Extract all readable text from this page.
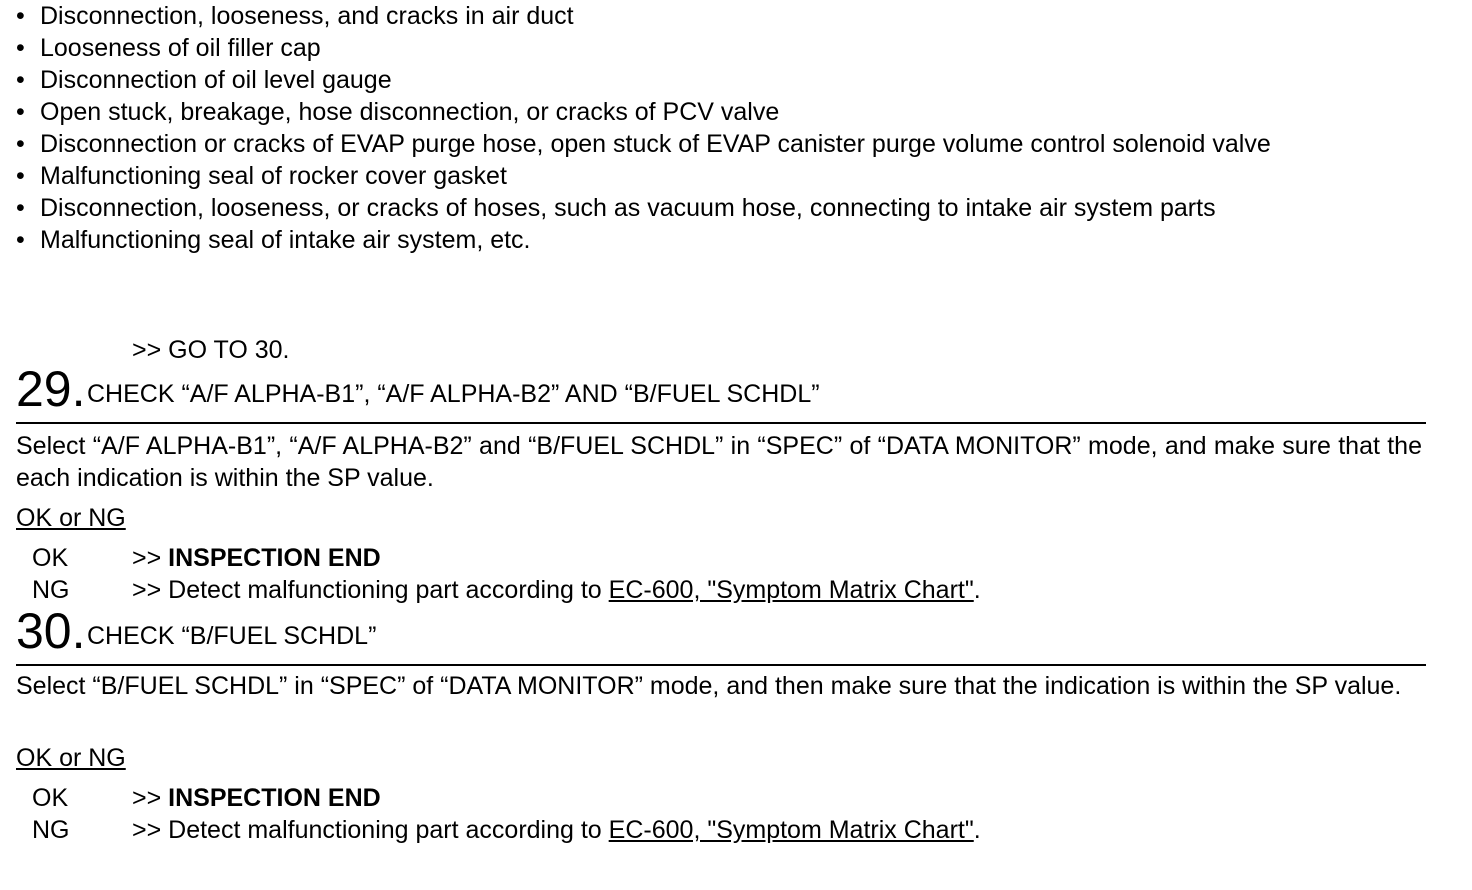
• Disconnection, looseness, and cracks in air duct
• Looseness of oil filler cap
• Disconnection of oil level gauge
• Open stuck, breakage, hose disconnection, or cracks of PCV valve
• Disconnection or cracks of EVAP purge hose, open stuck of EVAP canister purge volume control solenoid valve
• Malfunctioning seal of rocker cover gasket
• Disconnection, looseness, or cracks of hoses, such as vacuum hose, connecting to intake air system parts
• Malfunctioning seal of intake air system, etc.
>> GO TO 30.
29. CHECK “A/F ALPHA-B1”, “A/F ALPHA-B2” AND “B/FUEL SCHDL”
Select “A/F ALPHA-B1”, “A/F ALPHA-B2” and “B/FUEL SCHDL” in “SPEC” of “DATA MONITOR” mode, and make sure that the each indication is within the SP value.
OK or NG
OK	>> INSPECTION END
NG	>> Detect malfunctioning part according to EC-600, "Symptom Matrix Chart".
30. CHECK “B/FUEL SCHDL”
Select “B/FUEL SCHDL” in “SPEC” of “DATA MONITOR” mode, and then make sure that the indication is within the SP value.
OK or NG
OK	>> INSPECTION END
NG	>> Detect malfunctioning part according to EC-600, "Symptom Matrix Chart".
